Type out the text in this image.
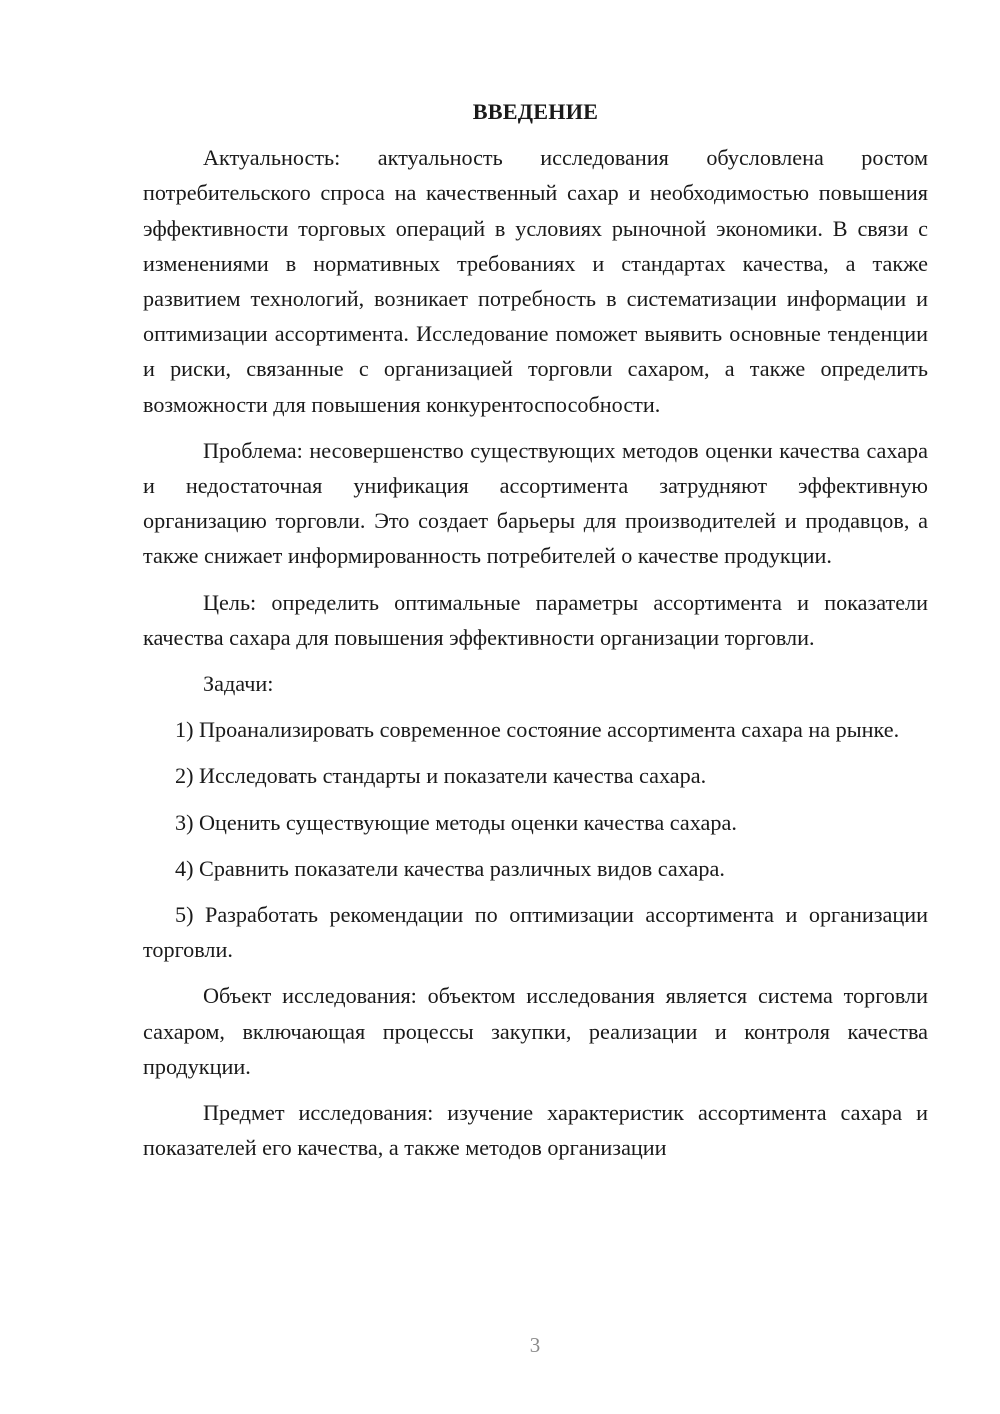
ВВЕДЕНИЕ

Актуальность: актуальность исследования обусловлена ростом потребительского спроса на качественный сахар и необходимостью повышения эффективности торговых операций в условиях рыночной экономики. В связи с изменениями в нормативных требованиях и стандартах качества, а также развитием технологий, возникает потребность в систематизации информации и оптимизации ассортимента. Исследование поможет выявить основные тенденции и риски, связанные с организацией торговли сахаром, а также определить возможности для повышения конкурентоспособности.

Проблема: несовершенство существующих методов оценки качества сахара и недостаточная унификация ассортимента затрудняют эффективную организацию торговли. Это создает барьеры для производителей и продавцов, а также снижает информированность потребителей о качестве продукции.

Цель: определить оптимальные параметры ассортимента и показатели качества сахара для повышения эффективности организации торговли.

Задачи:

1) Проанализировать современное состояние ассортимента сахара на рынке.

2) Исследовать стандарты и показатели качества сахара.

3) Оценить существующие методы оценки качества сахара.

4) Сравнить показатели качества различных видов сахара.

5) Разработать рекомендации по оптимизации ассортимента и организации торговли.

Объект исследования: объектом исследования является система торговли сахаром, включающая процессы закупки, реализации и контроля качества продукции.

Предмет исследования: изучение характеристик ассортимента сахара и показателей его качества, а также методов организации

3
